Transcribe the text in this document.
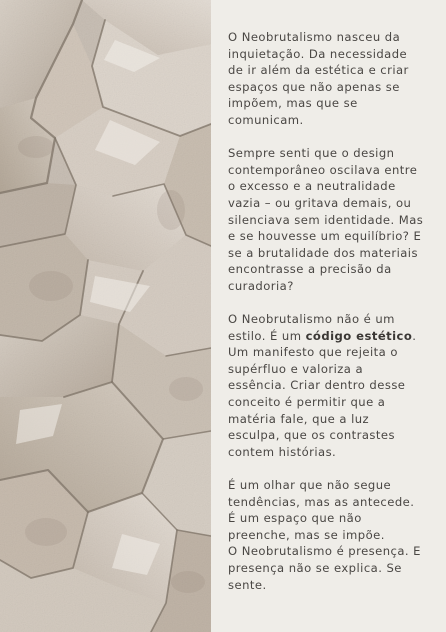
O Neobrutalismo nasceu da
inquietação. Da necessidade
de ir além da estética e criar
espaços que não apenas se
impõem, mas que se
comunicam.
Sempre senti que o design
contemporâneo oscilava entre
o excesso e a neutralidade
vazia – ou gritava demais, ou
silenciava sem identidade. Mas
e se houvesse um equilíbrio? E
se a brutalidade dos materiais
encontrasse a precisão da
curadoria?
O Neobrutalismo não é um
estilo. É um código estético.
Um manifesto que rejeita o
supérfluo e valoriza a
essência. Criar dentro desse
conceito é permitir que a
matéria fale, que a luz
esculpa, que os contrastes
contem histórias.
É um olhar que não segue
tendências, mas as antecede.
É um espaço que não
preenche, mas se impõe.
O Neobrutalismo é presença. E
presença não se explica. Se
sente.
